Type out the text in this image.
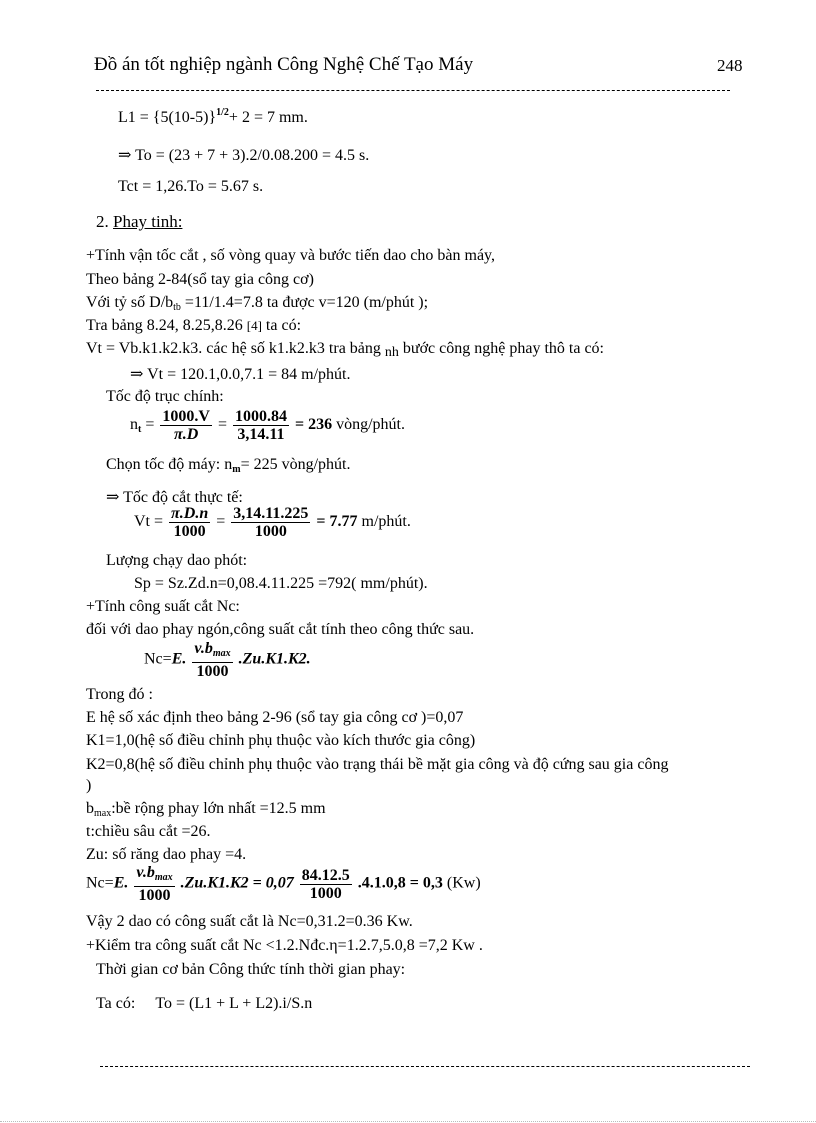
Đồ án tốt nghiệp ngành Công Nghệ Chế Tạo Máy	248
$L1 = \{5(10-5)\}^{1/2}+ 2 = 7$ mm.
⇒ To = (23 + 7 + 3).2/0.08.200 = 4.5 s.
Tct = 1,26.To = 5.67 s.
2. Phay tinh:
+Tính vận tốc cắt , số vòng quay và bước tiến dao cho bàn máy,
Theo bảng 2-84(sổ tay gia công cơ)
Với tỷ số $D/b_{tb} =11/1.4=7.8$ ta được v=120 (m/phút );
Tra bảng 8.24, 8.25,8.26 [4] ta có:
Vt = Vb.k1.k2.k3. các hệ số k1.k2.k3 tra bảng nh bước công nghệ phay thô ta có:
⇒ Vt = 120.1,0.0,7.1 = 84 m/phút.
Tốc độ trục chính:
$n_t = \frac{1000.V}{\pi.D} = \frac{1000.84}{3,14.11} = 236$ vòng/phút.
Chọn tốc độ máy: $n_m= 225$ vòng/phút.
⇒ Tốc độ cắt thực tế:
$Vt = \frac{\pi.D.n}{1000} = \frac{3,14.11.225}{1000} = 7.77$ m/phút.
Lượng chạy dao phót:
Sp = Sz.Zd.n=0,08.4.11.225 =792( mm/phút).
+Tính công suất cắt Nc:
đối với dao phay ngón,công suất cắt tính theo công thức sau.
Nc=E. $\frac{v.b_{max}}{1000} .Zu.K1.K2$.
Trong đó :
E hệ số xác định theo bảng 2-96 (sổ tay gia công cơ )=0,07
K1=1,0(hệ số điều chỉnh phụ thuộc vào kích thước gia công)
K2=0,8(hệ số điều chỉnh phụ thuộc vào trạng thái bề mặt gia công và độ cứng sau gia công
)
$b_{max}:bề$ rộng phay lớn nhất =12.5 mm
t:chiều sâu cắt =26.
Zu: số răng dao phay =4.
Nc=E. $\frac{v.b_{max}}{1000} .Zu.K1.K2 = 0,07 \frac{84.12.5}{1000} .4.1.0,8 = 0,3$ (Kw)
Vậy 2 dao có công suất cắt là Nc=0,31.2=0.36 Kw.
+Kiểm tra công suất cắt Nc <1.2.Nđc.η=1.2.7,5.0,8 =7,2 Kw .
Thời gian cơ bản Công thức tính thời gian phay:
Ta có: To = (L1 + L + L2).i/S.n
